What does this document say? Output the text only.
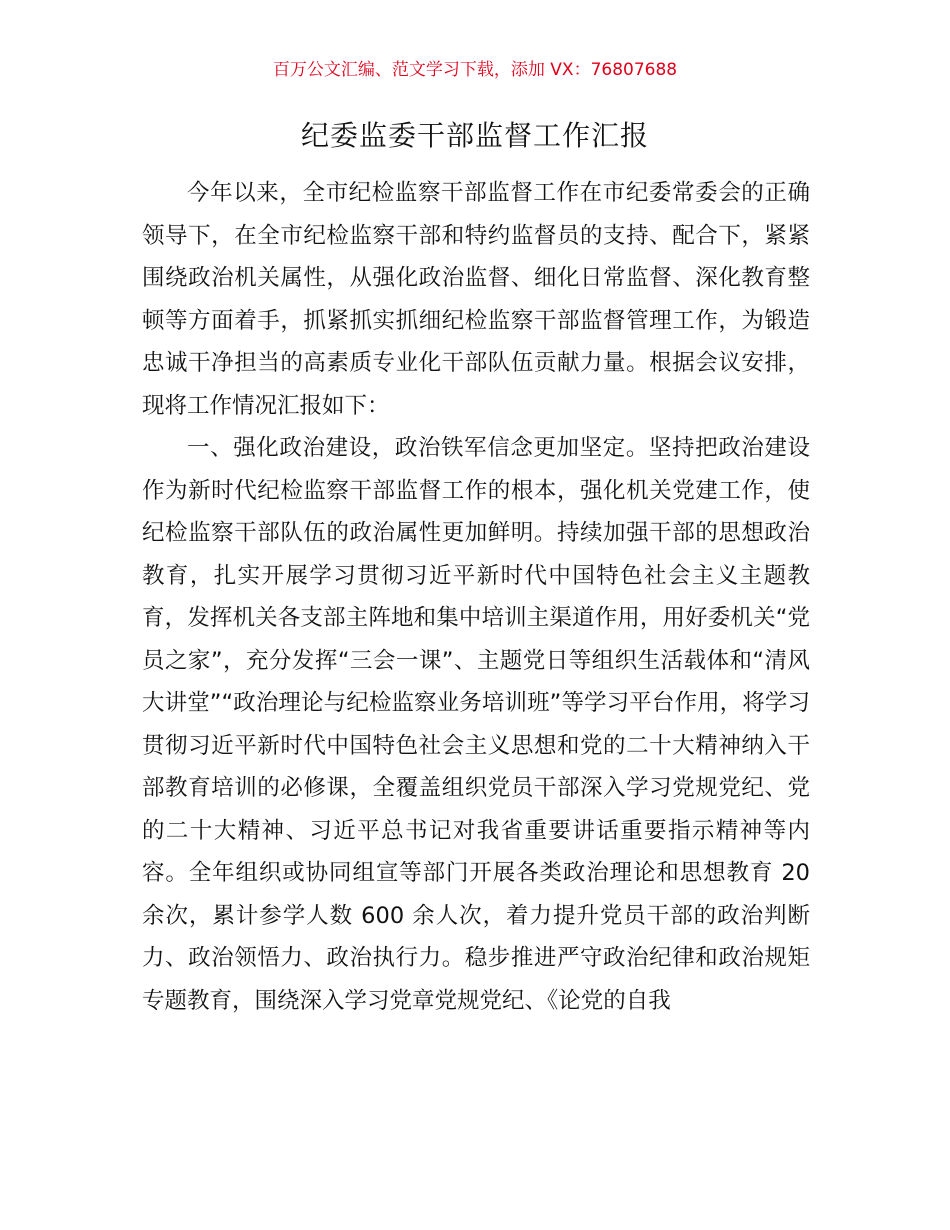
百万公文汇编、范文学习下载，添加 VX：76807688
纪委监委干部监督工作汇报

今年以来，全市纪检监察干部监督工作在市纪委常委会的正确领导下，在全市纪检监察干部和特约监督员的支持、配合下，紧紧围绕政治机关属性，从强化政治监督、细化日常监督、深化教育整顿等方面着手，抓紧抓实抓细纪检监察干部监督管理工作，为锻造忠诚干净担当的高素质专业化干部队伍贡献力量。根据会议安排，现将工作情况汇报如下：

一、强化政治建设，政治铁军信念更加坚定。坚持把政治建设作为新时代纪检监察干部监督工作的根本，强化机关党建工作，使纪检监察干部队伍的政治属性更加鲜明。持续加强干部的思想政治教育，扎实开展学习贯彻习近平新时代中国特色社会主义主题教育，发挥机关各支部主阵地和集中培训主渠道作用，用好委机关“党员之家”，充分发挥“三会一课”、主题党日等组织生活载体和“清风大讲堂”“政治理论与纪检监察业务培训班”等学习平台作用，将学习贯彻习近平新时代中国特色社会主义思想和党的二十大精神纳入干部教育培训的必修课，全覆盖组织党员干部深入学习党规党纪、党的二十大精神、习近平总书记对我省重要讲话重要指示精神等内容。全年组织或协同组宣等部门开展各类政治理论和思想教育 20 余次，累计参学人数 600 余人次，着力提升党员干部的政治判断力、政治领悟力、政治执行力。稳步推进严守政治纪律和政治规矩专题教育，围绕深入学习党章党规党纪、《论党的自我
